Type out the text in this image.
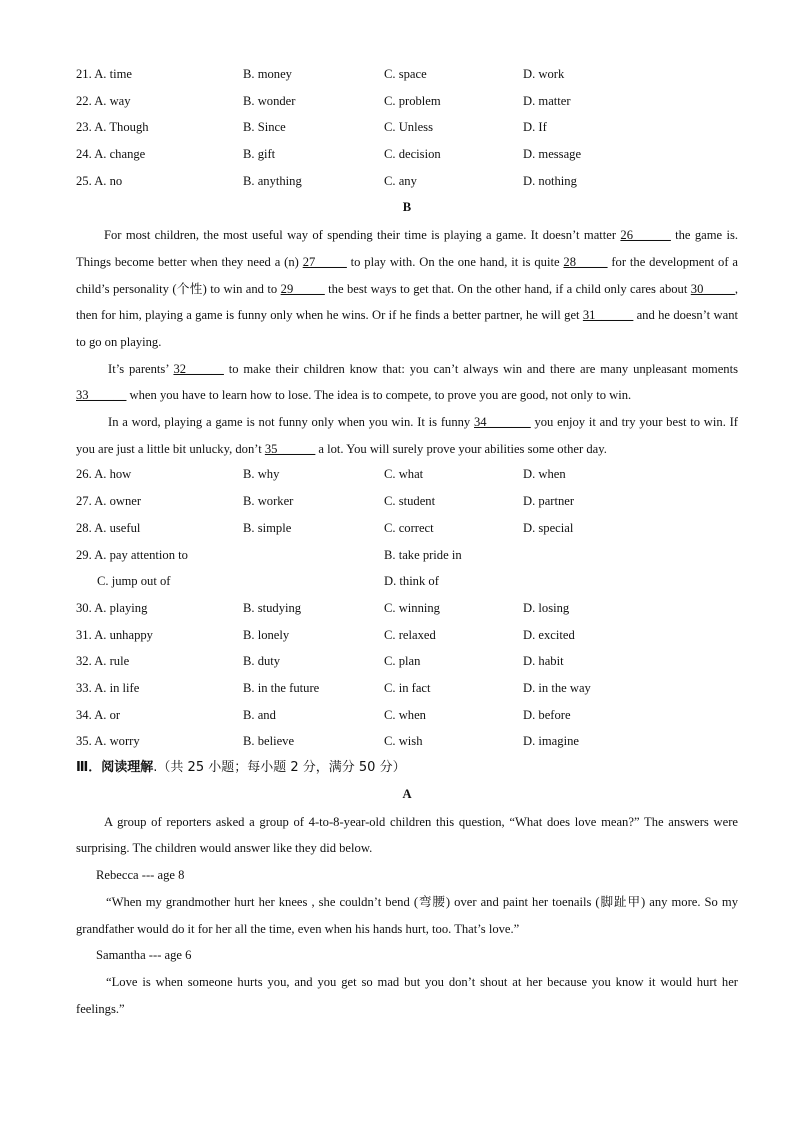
21. A. time	B. money	C. space	D. work
22. A. way	B. wonder	C. problem	D. matter
23. A. Though	B. Since	C. Unless	D. If
24. A. change	B. gift	C. decision	D. message
25. A. no	B. anything	C. any	D. nothing
B

For most children, the most useful way of spending their time is playing a game. It doesn’t matter 26______ the game is. Things become better when they need a (n) 27_____ to play with. On the one hand, it is quite 28_____ for the development of a child’s personality (个性) to win and to 29_____ the best ways to get that. On the other hand, if a child only cares about 30_____, then for him, playing a game is funny only when he wins. Or if he finds a better partner, he will get 31______ and he doesn’t want to go on playing.

It’s parents’ 32______ to make their children know that: you can’t always win and there are many unpleasant moments 33______ when you have to learn how to lose. The idea is to compete, to prove you are good, not only to win.

In a word, playing a game is not funny only when you win. It is funny 34_______ you enjoy it and try your best to win. If you are just a little bit unlucky, don’t 35______ a lot. You will surely prove your abilities some other day.

26. A. how	B. why	C. what	D. when
27. A. owner	B. worker	C. student	D. partner
28. A. useful	B. simple	C. correct	D. special
29. A. pay attention to	B. take pride in
C. jump out of	D. think of
30. A. playing	B. studying	C. winning	D. losing
31. A. unhappy	B. lonely	C. relaxed	D. excited
32. A. rule	B. duty	C. plan	D. habit
33. A. in life	B. in the future	C. in fact	D. in the way
34. A. or	B. and	C. when	D. before
35. A. worry	B. believe	C. wish	D. imagine
Ⅲ．阅读理解.（共 25 小题；每小题 2 分，满分 50 分）
A

A group of reporters asked a group of 4-to-8-year-old children this question, “What does love mean?” The answers were surprising. The children would answer like they did below.

Rebecca --- age 8

“When my grandmother hurt her knees , she couldn’t bend (弯腰) over and paint her toenails (脚趾甲) any more. So my grandfather would do it for her all the time, even when his hands hurt, too. That’s love.”

Samantha --- age 6

“Love is when someone hurts you, and you get so mad but you don’t shout at her because you know it would hurt her feelings.”
